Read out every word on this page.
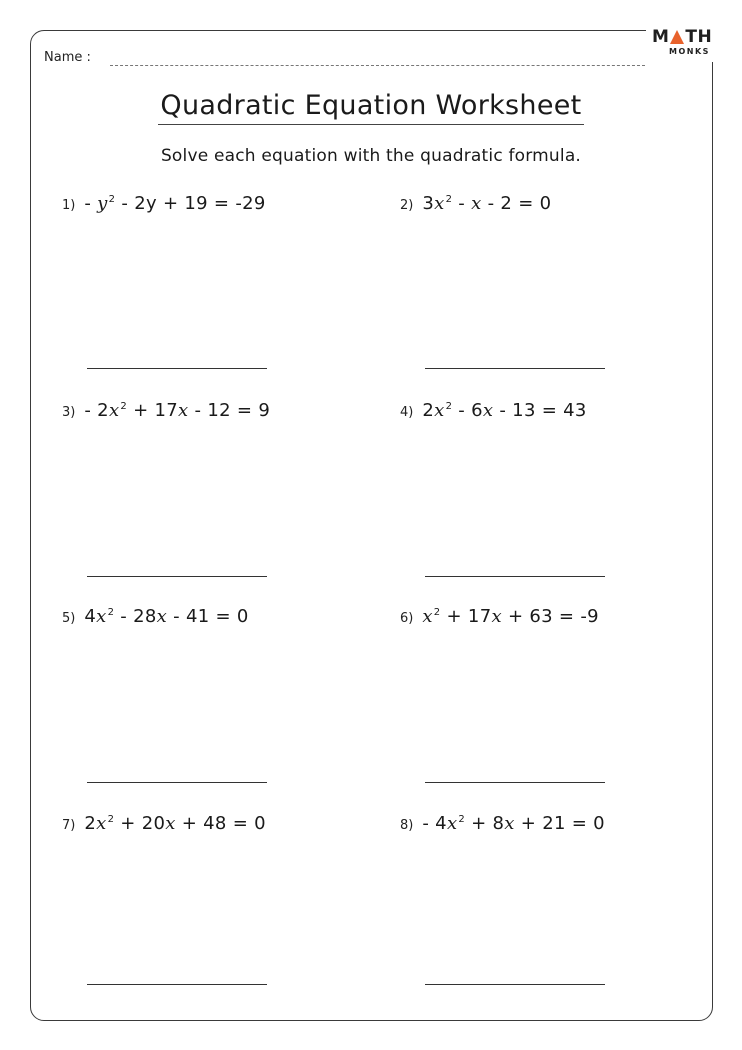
M TH
MONKS
Name :
Quadratic Equation Worksheet
Solve each equation with the quadratic formula.
$1) - y^2 - 2y + 19 = -29$	2) $3x^2 - x - 2 = 0$
$3) - 2x^2 + 17x - 12 = 9$	4) $2x^2 - 6x - 13 = 43$
5) $4x^2 - 28x - 41 = 0$	6) $x^2 + 17x + 63 = -9$
7) $2x^2 + 20x + 48 = 0$	$8) - 4x^2 + 8x + 21 = 0$
